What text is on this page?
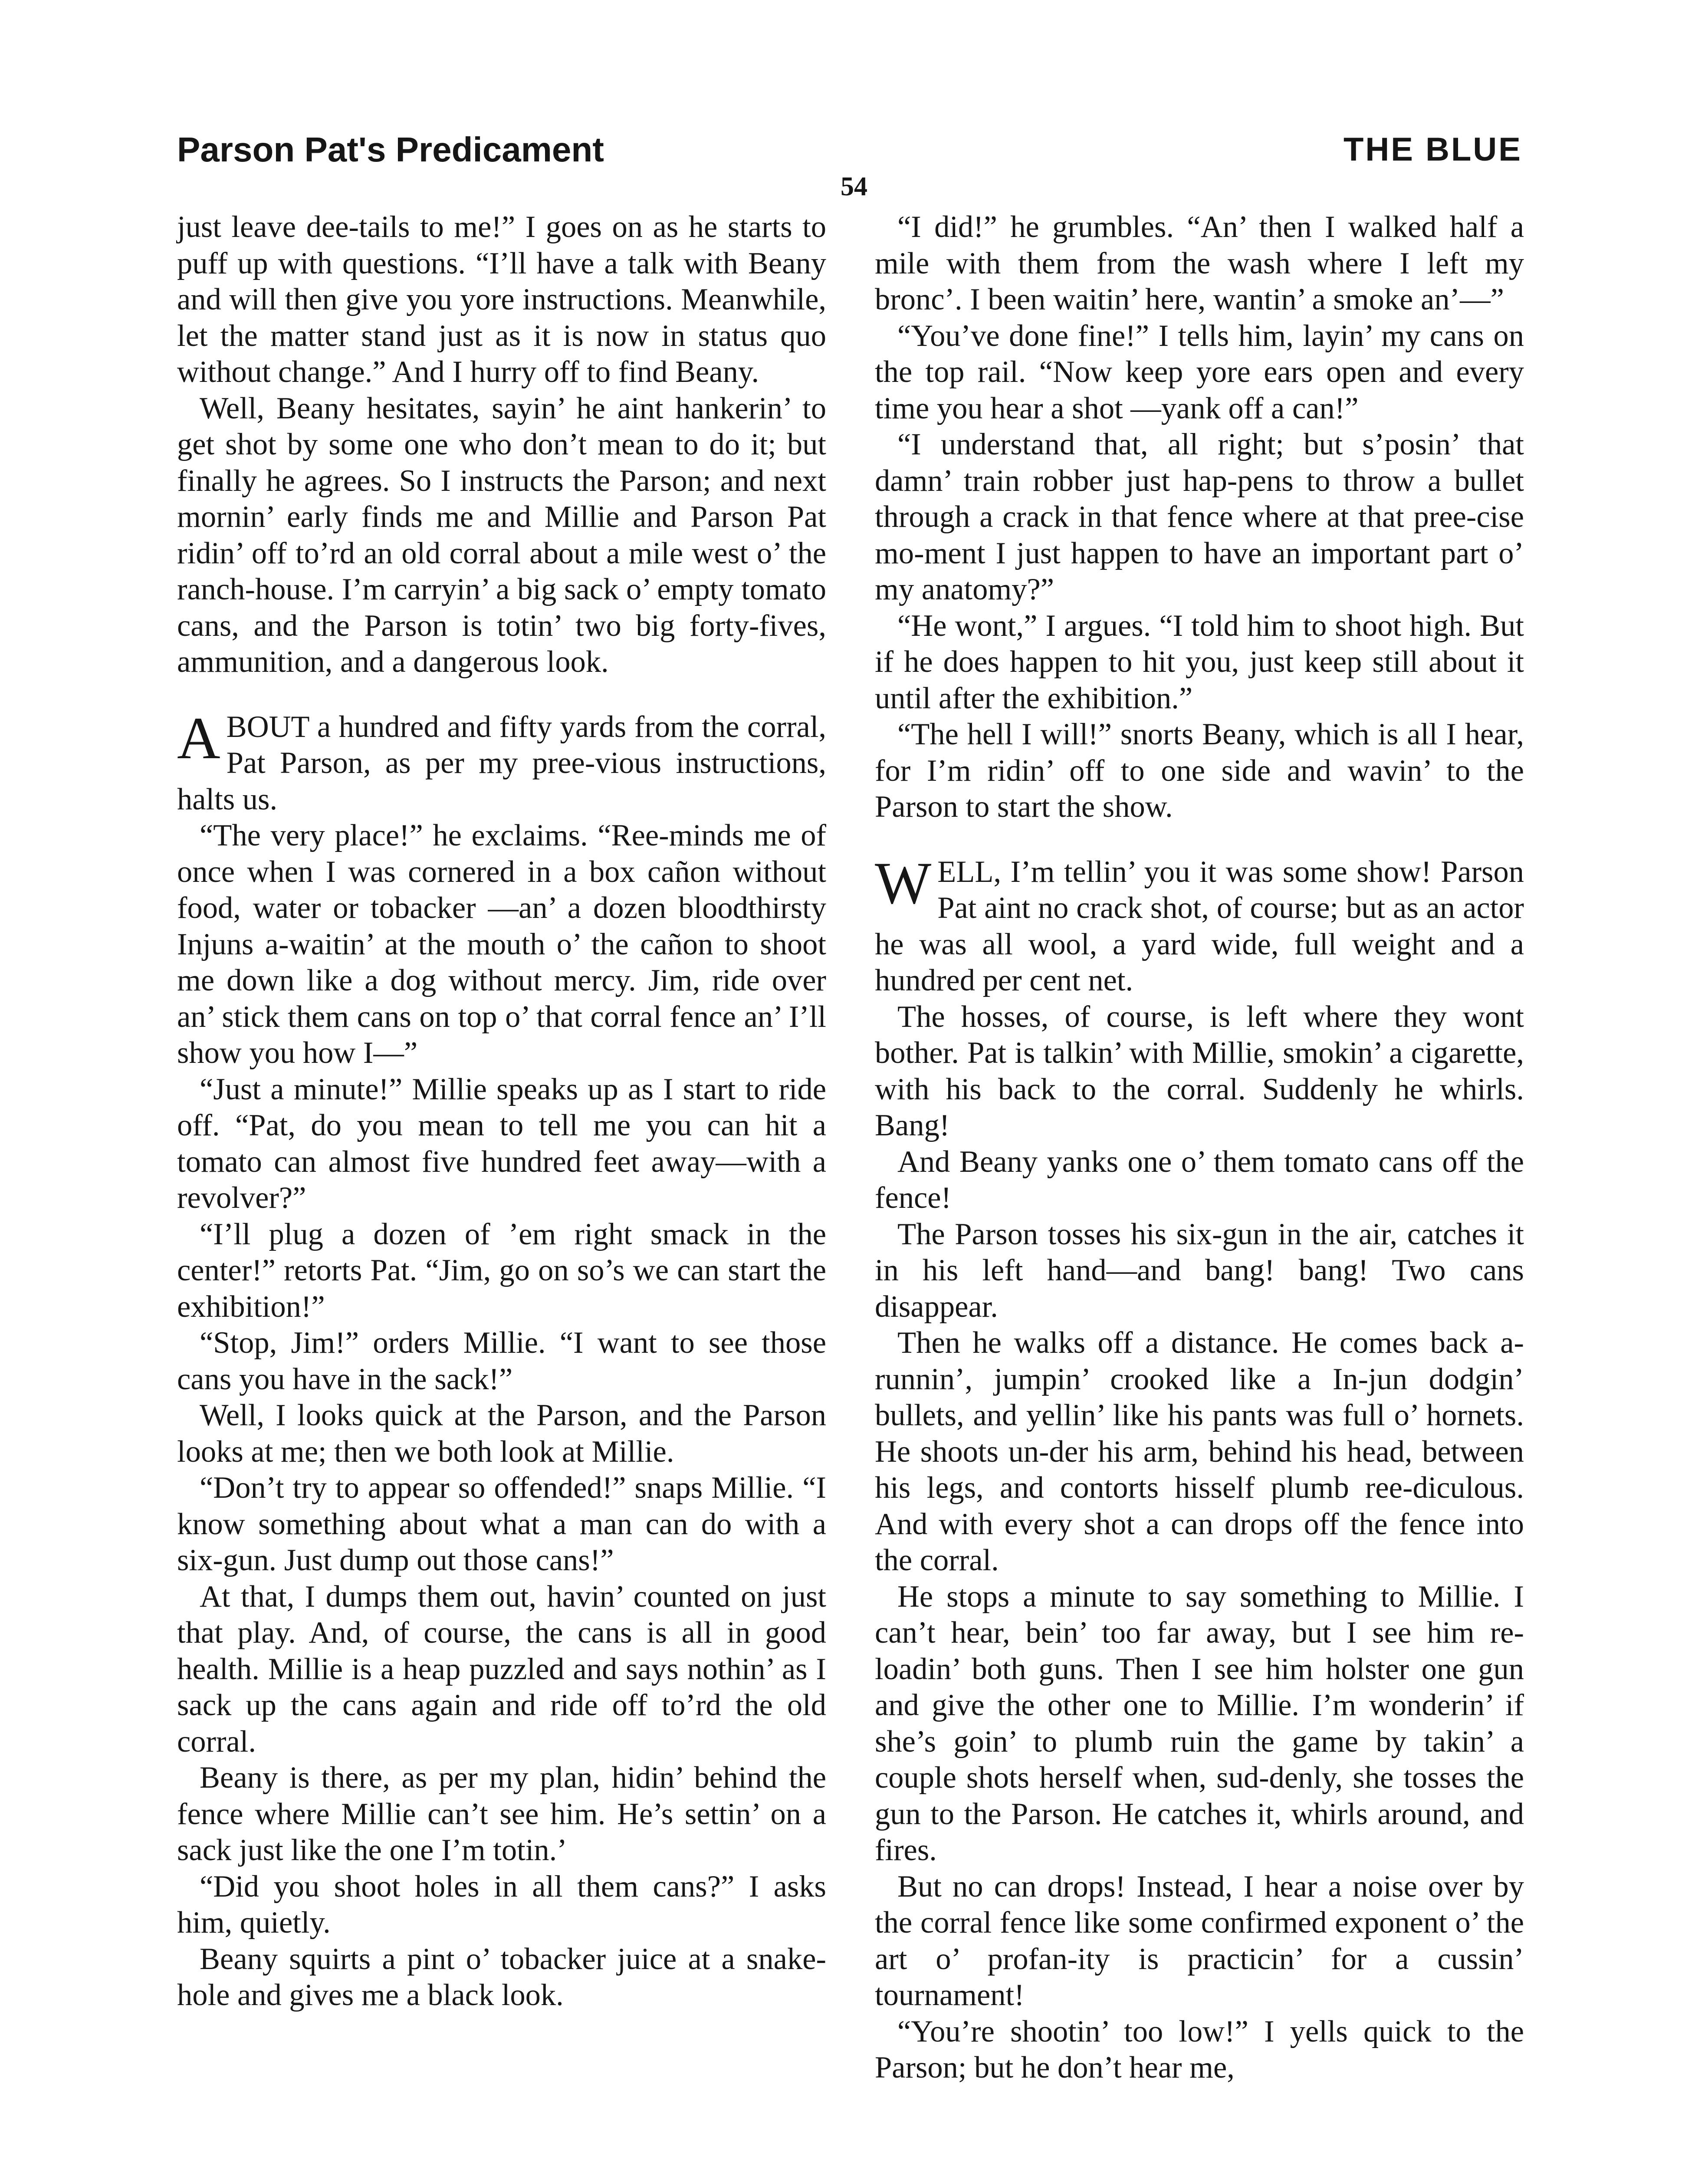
Parson Pat's Predicament	THE BLUE
54

just leave dee-tails to me!” I goes on as he starts to puff up with questions. “I’ll have a talk with Beany and will then give you yore instructions. Meanwhile, let the matter stand just as it is now in status quo without change.” And I hurry off to find Beany.

Well, Beany hesitates, sayin’ he aint hankerin’ to get shot by some one who don’t mean to do it; but finally he agrees. So I instructs the Parson; and next mornin’ early finds me and Millie and Parson Pat ridin’ off to’rd an old corral about a mile west o’ the ranch-house. I’m carryin’ a big sack o’ empty tomato cans, and the Parson is totin’ two big forty-fives, ammunition, and a dangerous look.

ABOUT a hundred and fifty yards from the corral, Pat Parson, as per my pree-vious instructions, halts us.

“The very place!” he exclaims. “Ree-minds me of once when I was cornered in a box cañon without food, water or tobacker —an’ a dozen bloodthirsty Injuns a-waitin’ at the mouth o’ the cañon to shoot me down like a dog without mercy. Jim, ride over an’ stick them cans on top o’ that corral fence an’ I’ll show you how I—”

“Just a minute!” Millie speaks up as I start to ride off. “Pat, do you mean to tell me you can hit a tomato can almost five hundred feet away—with a revolver?”

“I’ll plug a dozen of ’em right smack in the center!” retorts Pat. “Jim, go on so’s we can start the exhibition!”

“Stop, Jim!” orders Millie. “I want to see those cans you have in the sack!”

Well, I looks quick at the Parson, and the Parson looks at me; then we both look at Millie.

“Don’t try to appear so offended!” snaps Millie. “I know something about what a man can do with a six-gun. Just dump out those cans!”

At that, I dumps them out, havin’ counted on just that play. And, of course, the cans is all in good health. Millie is a heap puzzled and says nothin’ as I sack up the cans again and ride off to’rd the old corral.

Beany is there, as per my plan, hidin’ behind the fence where Millie can’t see him. He’s settin’ on a sack just like the one I’m totin.’

“Did you shoot holes in all them cans?” I asks him, quietly.

Beany squirts a pint o’ tobacker juice at a snake-hole and gives me a black look.

“I did!” he grumbles. “An’ then I walked half a mile with them from the wash where I left my bronc’. I been waitin’ here, wantin’ a smoke an’—”

“You’ve done fine!” I tells him, layin’ my cans on the top rail. “Now keep yore ears open and every time you hear a shot —yank off a can!”

“I understand that, all right; but s’posin’ that damn’ train robber just hap-pens to throw a bullet through a crack in that fence where at that pree-cise mo-ment I just happen to have an important part o’ my anatomy?”

“He wont,” I argues. “I told him to shoot high. But if he does happen to hit you, just keep still about it until after the exhibition.”

“The hell I will!” snorts Beany, which is all I hear, for I’m ridin’ off to one side and wavin’ to the Parson to start the show.

WELL, I’m tellin’ you it was some show! Parson Pat aint no crack shot, of course; but as an actor he was all wool, a yard wide, full weight and a hundred per cent net.

The hosses, of course, is left where they wont bother. Pat is talkin’ with Millie, smokin’ a cigarette, with his back to the corral. Suddenly he whirls. Bang!

And Beany yanks one o’ them tomato cans off the fence!

The Parson tosses his six-gun in the air, catches it in his left hand—and bang! bang! Two cans disappear.

Then he walks off a distance. He comes back a-runnin’, jumpin’ crooked like a In-jun dodgin’ bullets, and yellin’ like his pants was full o’ hornets. He shoots un-der his arm, behind his head, between his legs, and contorts hisself plumb ree-diculous. And with every shot a can drops off the fence into the corral.

He stops a minute to say something to Millie. I can’t hear, bein’ too far away, but I see him re-loadin’ both guns. Then I see him holster one gun and give the other one to Millie. I’m wonderin’ if she’s goin’ to plumb ruin the game by takin’ a couple shots herself when, sud-denly, she tosses the gun to the Parson. He catches it, whirls around, and fires.

But no can drops! Instead, I hear a noise over by the corral fence like some confirmed exponent o’ the art o’ profan-ity is practicin’ for a cussin’ tournament!

“You’re shootin’ too low!” I yells quick to the Parson; but he don’t hear me,
